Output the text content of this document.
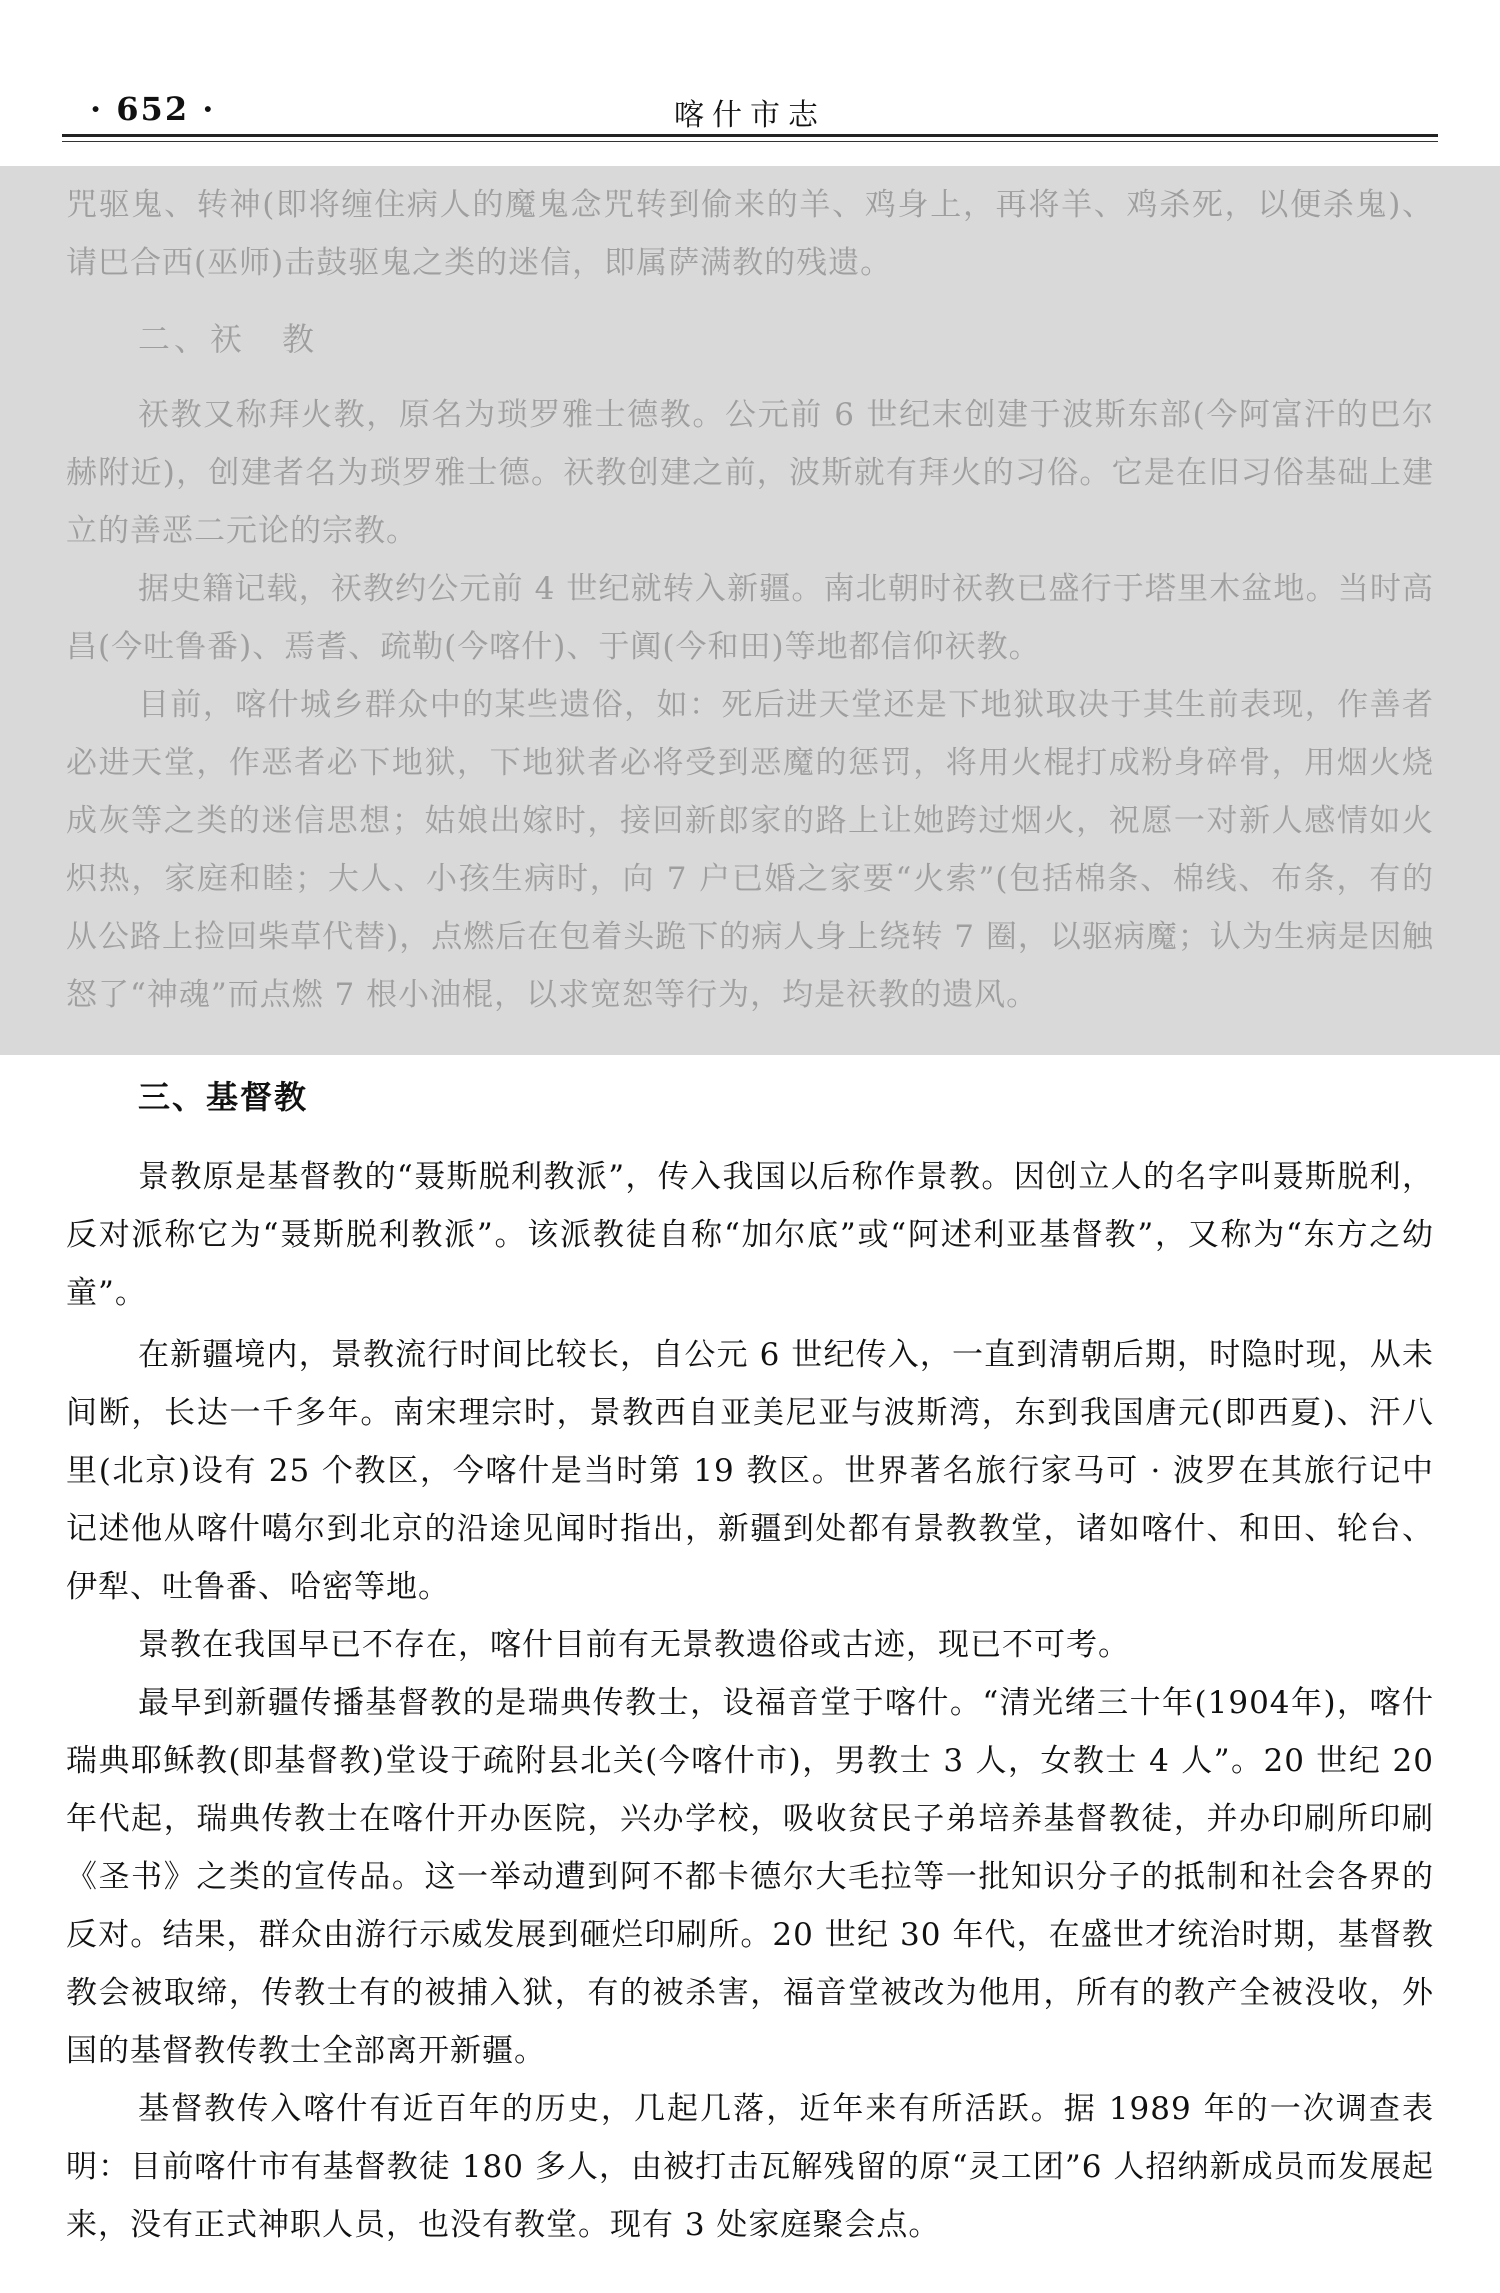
· 652 ·	喀什市志

咒驱鬼、转神(即将缠住病人的魔鬼念咒转到偷来的羊、鸡身上，再将羊、鸡杀死，以便杀鬼)、请巴合西(巫师)击鼓驱鬼之类的迷信，即属萨满教的残遗。

二、祆　教

祆教又称拜火教，原名为琐罗雅士德教。公元前 6 世纪末创建于波斯东部(今阿富汗的巴尔赫附近)，创建者名为琐罗雅士德。祆教创建之前，波斯就有拜火的习俗。它是在旧习俗基础上建立的善恶二元论的宗教。

据史籍记载，祆教约公元前 4 世纪就转入新疆。南北朝时祆教已盛行于塔里木盆地。当时高昌(今吐鲁番)、焉耆、疏勒(今喀什)、于阗(今和田)等地都信仰祆教。

目前，喀什城乡群众中的某些遗俗，如：死后进天堂还是下地狱取决于其生前表现，作善者必进天堂，作恶者必下地狱，下地狱者必将受到恶魔的惩罚，将用火棍打成粉身碎骨，用烟火烧成灰等之类的迷信思想；姑娘出嫁时，接回新郎家的路上让她跨过烟火，祝愿一对新人感情如火炽热，家庭和睦；大人、小孩生病时，向 7 户已婚之家要“火索”(包括棉条、棉线、布条，有的从公路上捡回柴草代替)，点燃后在包着头跪下的病人身上绕转 7 圈，以驱病魔；认为生病是因触怒了“神魂”而点燃 7 根小油棍，以求宽恕等行为，均是祆教的遗风。

三、基督教

景教原是基督教的“聂斯脱利教派”，传入我国以后称作景教。因创立人的名字叫聂斯脱利，反对派称它为“聂斯脱利教派”。该派教徒自称“加尔底”或“阿述利亚基督教”，又称为“东方之幼童”。

在新疆境内，景教流行时间比较长，自公元 6 世纪传入，一直到清朝后期，时隐时现，从未间断，长达一千多年。南宋理宗时，景教西自亚美尼亚与波斯湾，东到我国唐元(即西夏)、汗八里(北京)设有 25 个教区，今喀什是当时第 19 教区。世界著名旅行家马可 · 波罗在其旅行记中记述他从喀什噶尔到北京的沿途见闻时指出，新疆到处都有景教教堂，诸如喀什、和田、轮台、伊犁、吐鲁番、哈密等地。

景教在我国早已不存在，喀什目前有无景教遗俗或古迹，现已不可考。

最早到新疆传播基督教的是瑞典传教士，设福音堂于喀什。“清光绪三十年(1904年)，喀什瑞典耶稣教(即基督教)堂设于疏附县北关(今喀什市)，男教士 3 人，女教士 4 人”。20 世纪 20 年代起，瑞典传教士在喀什开办医院，兴办学校，吸收贫民子弟培养基督教徒，并办印刷所印刷《圣书》之类的宣传品。这一举动遭到阿不都卡德尔大毛拉等一批知识分子的抵制和社会各界的反对。结果，群众由游行示威发展到砸烂印刷所。20 世纪 30 年代，在盛世才统治时期，基督教教会被取缔，传教士有的被捕入狱，有的被杀害，福音堂被改为他用，所有的教产全被没收，外国的基督教传教士全部离开新疆。

基督教传入喀什有近百年的历史，几起几落，近年来有所活跃。据 1989 年的一次调查表明：目前喀什市有基督教徒 180 多人，由被打击瓦解残留的原“灵工团”6 人招纳新成员而发展起来，没有正式神职人员，也没有教堂。现有 3 处家庭聚会点。
